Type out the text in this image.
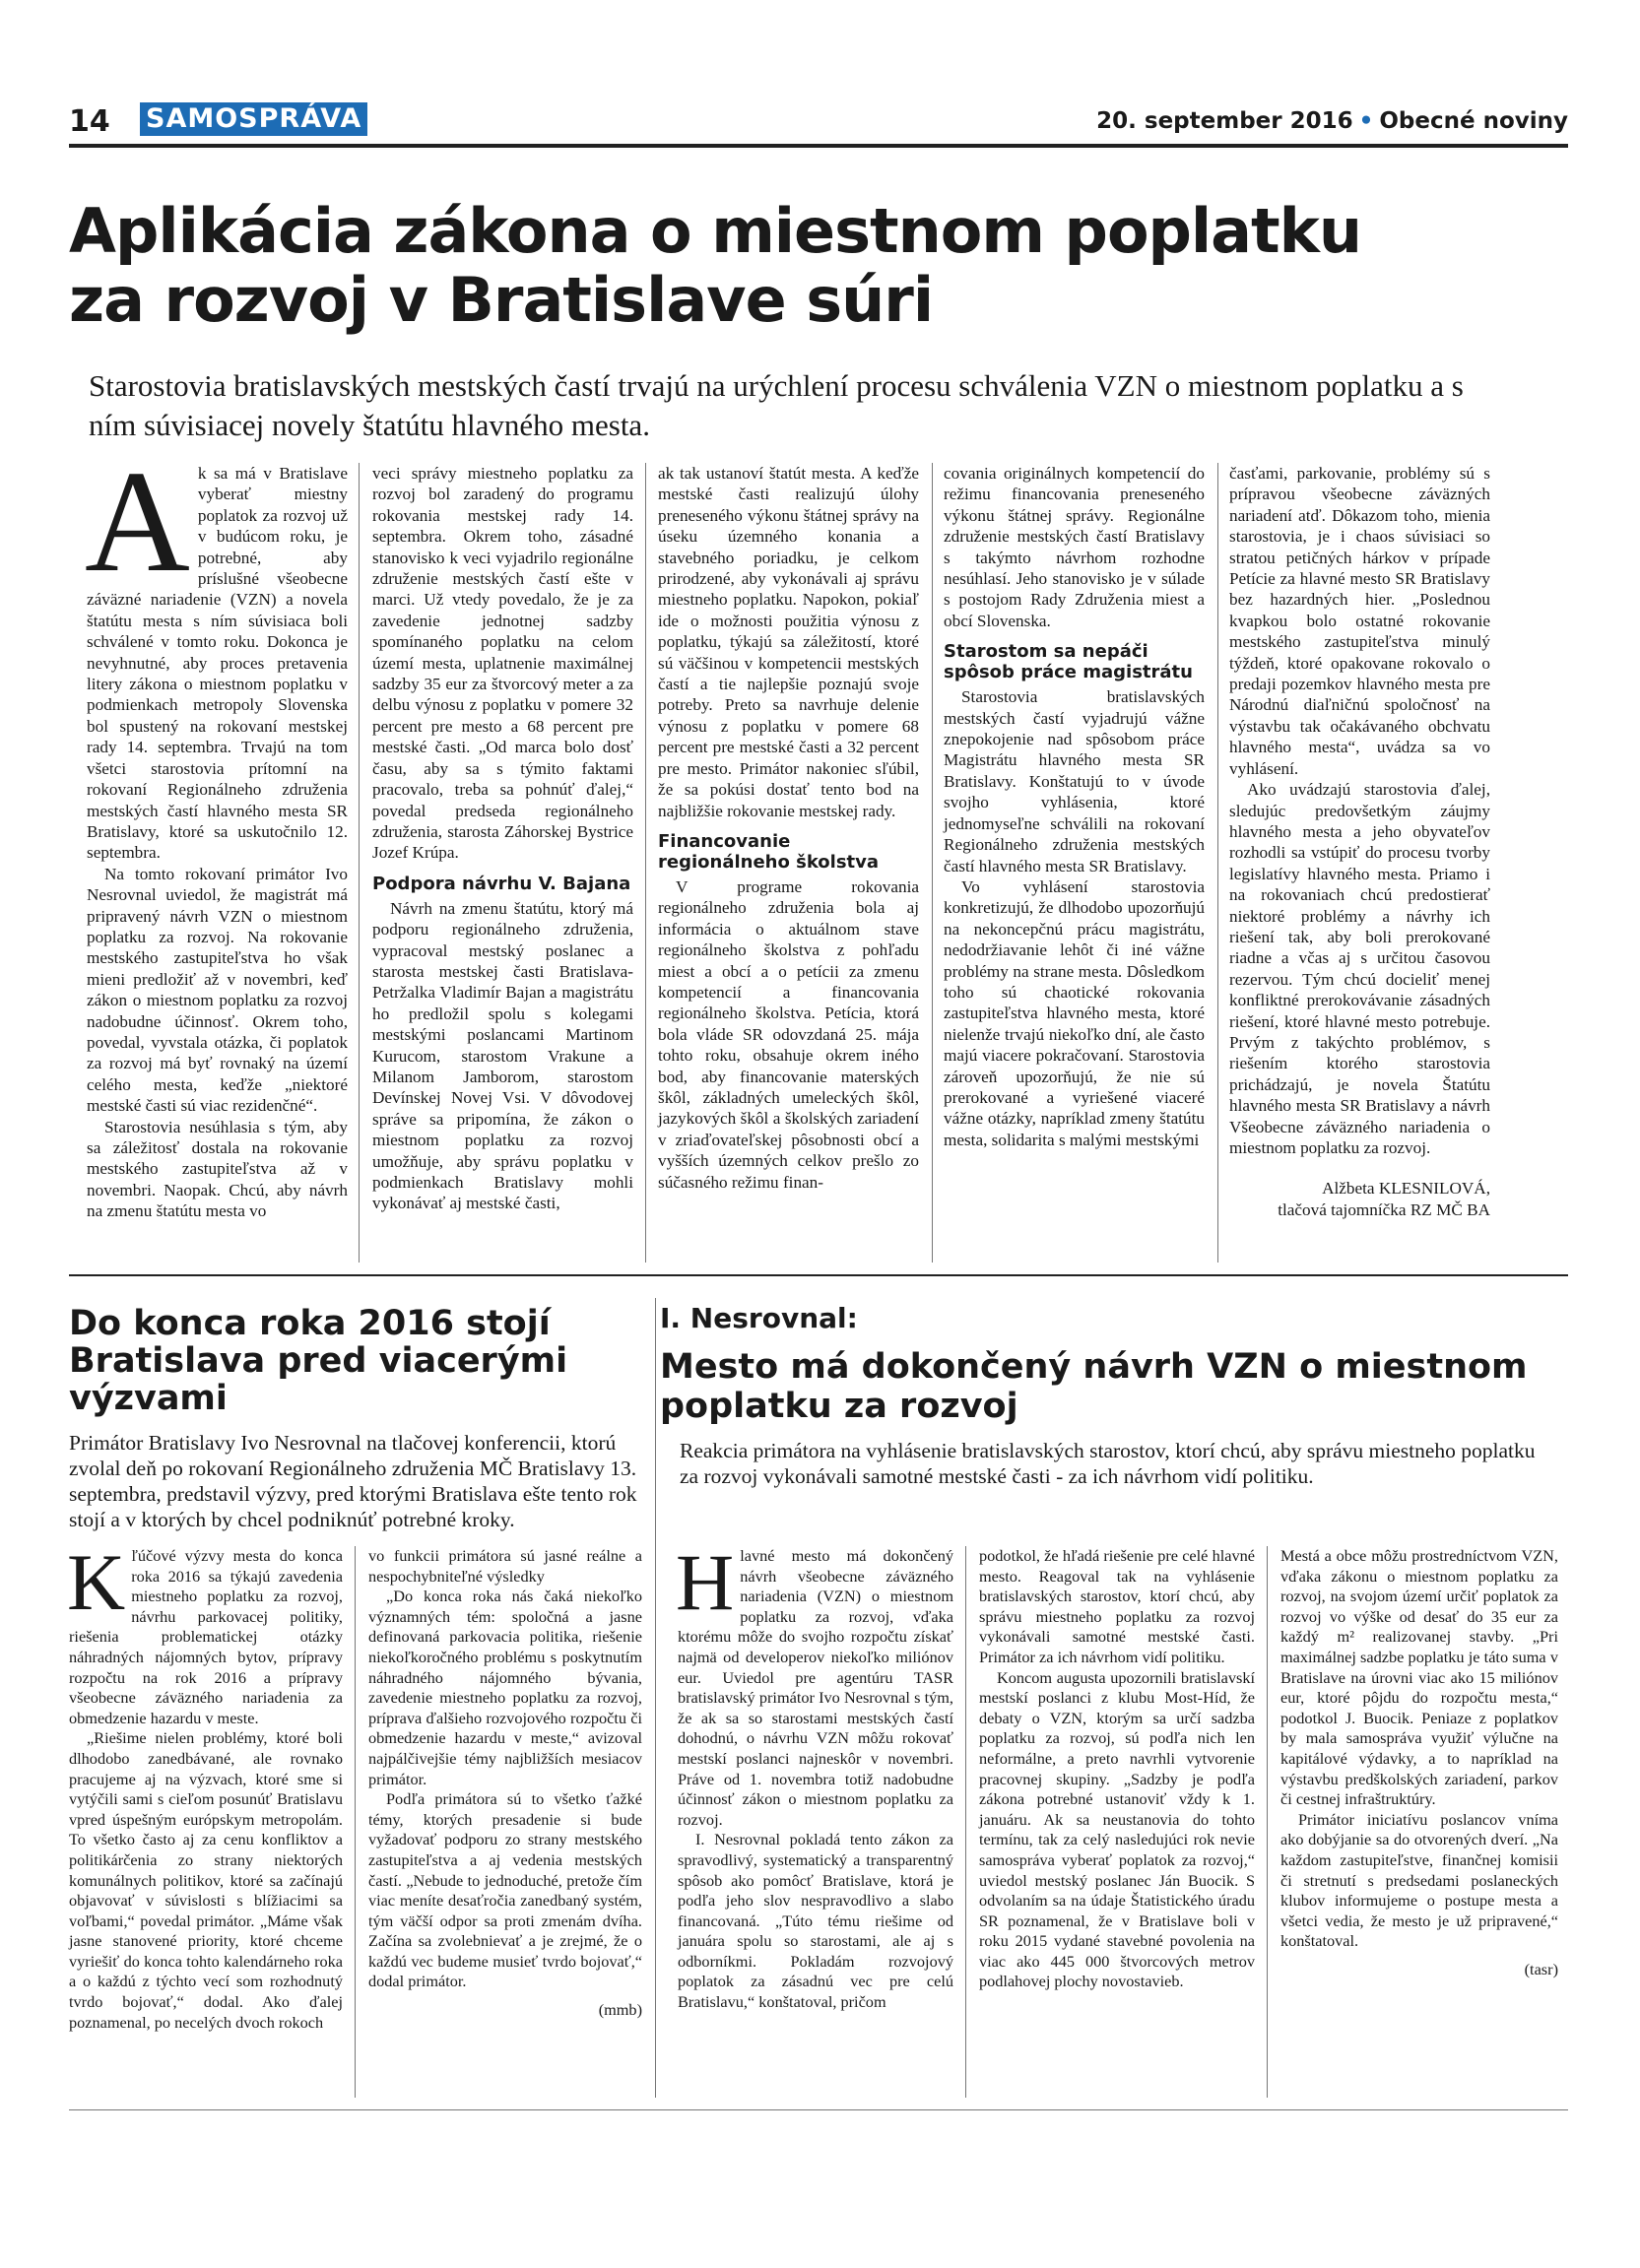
14 SAMOSPRÁVA	20. september 2016 • Obecné noviny
Aplikácia zákona o miestnom poplatku
za rozvoj v Bratislave súri
Starostovia bratislavských mestských častí trvajú na urýchlení procesu schválenia VZN o miestnom poplatku a s ním súvisiacej novely štatútu hlavného mesta.

Ak sa má v Bratislave vyberať miestny poplatok za rozvoj už v budúcom roku, je potrebné, aby príslušné všeobecne záväzné nariadenie (VZN) a novela štatútu mesta s ním súvisiaca boli schválené v tomto roku. Dokonca je nevyhnutné, aby proces pretavenia litery zákona o miestnom poplatku v podmienkach metropoly Slovenska bol spustený na rokovaní mestskej rady 14. septembra. Trvajú na tom všetci starostovia prítomní na rokovaní Regionálneho združenia mestských častí hlavného mesta SR Bratislavy, ktoré sa uskutočnilo 12. septembra.

Na tomto rokovaní primátor Ivo Nesrovnal uviedol, že magistrát má pripravený návrh VZN o miestnom poplatku za rozvoj. Na rokovanie mestského zastupiteľstva ho však mieni predložiť až v novembri, keď zákon o miestnom poplatku za rozvoj nadobudne účinnosť. Okrem toho, povedal, vyvstala otázka, či poplatok za rozvoj má byť rovnaký na území celého mesta, keďže „niektoré mestské časti sú viac rezidenčné“.

Starostovia nesúhlasia s tým, aby sa záležitosť dostala na rokovanie mestského zastupiteľstva až v novembri. Naopak. Chcú, aby návrh na zmenu štatútu mesta vo

veci správy miestneho poplatku za rozvoj bol zaradený do programu rokovania mestskej rady 14. septembra. Okrem toho, zásadné stanovisko k veci vyjadrilo regionálne združenie mestských častí ešte v marci. Už vtedy povedalo, že je za zavedenie jednotnej sadzby spomínaného poplatku na celom území mesta, uplatnenie maximálnej sadzby 35 eur za štvorcový meter a za delbu výnosu z poplatku v pomere 32 percent pre mesto a 68 percent pre mestské časti. „Od marca bolo dosť času, aby sa s týmito faktami pracovalo, treba sa pohnúť ďalej,“ povedal predseda regionálneho združenia, starosta Záhorskej Bystrice Jozef Krúpa.

Podpora návrhu V. Bajana

Návrh na zmenu štatútu, ktorý má podporu regionálneho združenia, vypracoval mestský poslanec a starosta mestskej časti Bratislava-Petržalka Vladimír Bajan a magistrátu ho predložil spolu s kolegami mestskými poslancami Martinom Kurucom, starostom Vrakune a Milanom Jamborom, starostom Devínskej Novej Vsi. V dôvodovej správe sa pripomína, že zákon o miestnom poplatku za rozvoj umožňuje, aby správu poplatku v podmienkach Bratislavy mohli vykonávať aj mestské časti,

ak tak ustanoví štatút mesta. A keďže mestské časti realizujú úlohy preneseného výkonu štátnej správy na úseku územného konania a stavebného poriadku, je celkom prirodzené, aby vykonávali aj správu miestneho poplatku. Napokon, pokiaľ ide o možnosti použitia výnosu z poplatku, týkajú sa záležitostí, ktoré sú väčšinou v kompetencii mestských častí a tie najlepšie poznajú svoje potreby. Preto sa navrhuje delenie výnosu z poplatku v pomere 68 percent pre mestské časti a 32 percent pre mesto. Primátor nakoniec sľúbil, že sa pokúsi dostať tento bod na najbližšie rokovanie mestskej rady.

Financovanie regionálneho školstva

V programe rokovania regionálneho združenia bola aj informácia o aktuálnom stave regionálneho školstva z pohľadu miest a obcí a o petícii za zmenu kompetencií a financovania regionálneho školstva. Petícia, ktorá bola vláde SR odovzdaná 25. mája tohto roku, obsahuje okrem iného bod, aby financovanie materských škôl, základných umeleckých škôl, jazykových škôl a školských zariadení v zriaďovateľskej pôsobnosti obcí a vyšších územných celkov prešlo zo súčasného režimu finan-

covania originálnych kompetencií do režimu financovania preneseného výkonu štátnej správy. Regionálne združenie mestských častí Bratislavy s takýmto návrhom rozhodne nesúhlasí. Jeho stanovisko je v súlade s postojom Rady Združenia miest a obcí Slovenska.

Starostom sa nepáči spôsob práce magistrátu

Starostovia bratislavských mestských častí vyjadrujú vážne znepokojenie nad spôsobom práce Magistrátu hlavného mesta SR Bratislavy. Konštatujú to v úvode svojho vyhlásenia, ktoré jednomyseľne schválili na rokovaní Regionálneho združenia mestských častí hlavného mesta SR Bratislavy.

Vo vyhlásení starostovia konkretizujú, že dlhodobo upozorňujú na nekoncepčnú prácu magistrátu, nedodržiavanie lehôt či iné vážne problémy na strane mesta. Dôsledkom toho sú chaotické rokovania zastupiteľstva hlavného mesta, ktoré nielenže trvajú niekoľko dní, ale často majú viacere pokračovaní. Starostovia zároveň upozorňujú, že nie sú prerokované a vyriešené viaceré vážne otázky, napríklad zmeny štatútu mesta, solidarita s malými mestskými

časťami, parkovanie, problémy sú s prípravou všeobecne záväzných nariadení atď. Dôkazom toho, mienia starostovia, je i chaos súvisiaci so stratou petičných hárkov v prípade Petície za hlavné mesto SR Bratislavy bez hazardných hier. „Poslednou kvapkou bolo ostatné rokovanie mestského zastupiteľstva minulý týždeň, ktoré opakovane rokovalo o predaji pozemkov hlavného mesta pre Národnú diaľničnú spoločnosť na výstavbu tak očakávaného obchvatu hlavného mesta“, uvádza sa vo vyhlásení.

Ako uvádzajú starostovia ďalej, sledujúc predovšetkým záujmy hlavného mesta a jeho obyvateľov rozhodli sa vstúpiť do procesu tvorby legislatívy hlavného mesta. Priamo i na rokovaniach chcú predostierať niektoré problémy a návrhy ich riešení tak, aby boli prerokované riadne a včas aj s určitou časovou rezervou. Tým chcú docieliť menej konfliktné prerokovávanie zásadných riešení, ktoré hlavné mesto potrebuje. Prvým z takýchto problémov, s riešením ktorého starostovia prichádzajú, je novela Štatútu hlavného mesta SR Bratislavy a návrh Všeobecne záväzného nariadenia o miestnom poplatku za rozvoj.

Alžbeta KLESNILOVÁ,

tlačová tajomníčka RZ MČ BA

Do konca roka 2016 stojí Bratislava pred viacerými výzvami
Primátor Bratislavy Ivo Nesrovnal na tlačovej konferencii, ktorú zvolal deň po rokovaní Regionálneho združenia MČ Bratislavy 13. septembra, predstavil výzvy, pred ktorými Bratislava ešte tento rok stojí a v ktorých by chcel podniknúť potrebné kroky.

Kľúčové výzvy mesta do konca roka 2016 sa týkajú zavedenia miestneho poplatku za rozvoj, návrhu parkovacej politiky, riešenia problematickej otázky náhradných nájomných bytov, prípravy rozpočtu na rok 2016 a prípravy všeobecne záväzného nariadenia za obmedzenie hazardu v meste.

„Riešime nielen problémy, ktoré boli dlhodobo zanedbávané, ale rovnako pracujeme aj na výzvach, ktoré sme si vytýčili sami s cieľom posunúť Bratislavu vpred úspešným európskym metropolám. To všetko často aj za cenu konfliktov a politikárčenia zo strany niektorých komunálnych politikov, ktoré sa začínajú objavovať v súvislosti s blížiacimi sa voľbami,“ povedal primátor. „Máme však jasne stanovené priority, ktoré chceme vyriešiť do konca tohto kalendárneho roka a o každú z týchto vecí som rozhodnutý tvrdo bojovať,“ dodal. Ako ďalej poznamenal, po necelých dvoch rokoch

vo funkcii primátora sú jasné reálne a nespochybniteľné výsledky

„Do konca roka nás čaká niekoľko významných tém: spoločná a jasne definovaná parkovacia politika, riešenie niekoľkoročného problému s poskytnutím náhradného nájomného bývania, zavedenie miestneho poplatku za rozvoj, príprava ďalšieho rozvojového rozpočtu či obmedzenie hazardu v meste,“ avizoval najpálčivejšie témy najbližších mesiacov primátor.

Podľa primátora sú to všetko ťažké témy, ktorých presadenie si bude vyžadovať podporu zo strany mestského zastupiteľstva a aj vedenia mestských častí. „Nebude to jednoduché, pretože čím viac meníte desaťročia zanedbaný systém, tým väčší odpor sa proti zmenám dvíha. Začína sa zvolebnievať a je zrejmé, že o každú vec budeme musieť tvrdo bojovať,“ dodal primátor.

(mmb)

I. Nesrovnal:
Mesto má dokončený návrh VZN o miestnom poplatku za rozvoj
Reakcia primátora na vyhlásenie bratislavských starostov, ktorí chcú, aby správu miestneho poplatku za rozvoj vykonávali samotné mestské časti - za ich návrhom vidí politiku.

Hlavné mesto má dokončený návrh všeobecne záväzného nariadenia (VZN) o miestnom poplatku za rozvoj, vďaka ktorému môže do svojho rozpočtu získať najmä od developerov niekoľko miliónov eur. Uviedol pre agentúru TASR bratislavský primátor Ivo Nesrovnal s tým, že ak sa so starostami mestských častí dohodnú, o návrhu VZN môžu rokovať mestskí poslanci najneskôr v novembri. Práve od 1. novembra totiž nadobudne účinnosť zákon o miestnom poplatku za rozvoj.

I. Nesrovnal pokladá tento zákon za spravodlivý, systematický a transparentný spôsob ako pomôcť Bratislave, ktorá je podľa jeho slov nespravodlivo a slabo financovaná. „Túto tému riešime od januára spolu so starostami, ale aj s odborníkmi. Pokladám rozvojový poplatok za zásadnú vec pre celú Bratislavu,“ konštatoval, pričom

podotkol, že hľadá riešenie pre celé hlavné mesto. Reagoval tak na vyhlásenie bratislavských starostov, ktorí chcú, aby správu miestneho poplatku za rozvoj vykonávali samotné mestské časti. Primátor za ich návrhom vidí politiku.

Koncom augusta upozornili bratislavskí mestskí poslanci z klubu Most-Híd, že debaty o VZN, ktorým sa určí sadzba poplatku za rozvoj, sú podľa nich len neformálne, a preto navrhli vytvorenie pracovnej skupiny. „Sadzby je podľa zákona potrebné ustanoviť vždy k 1. januáru. Ak sa neustanovia do tohto termínu, tak za celý nasledujúci rok nevie samospráva vyberať poplatok za rozvoj,“ uviedol mestský poslanec Ján Buocik. S odvolaním sa na údaje Štatistického úradu SR poznamenal, že v Bratislave boli v roku 2015 vydané stavebné povolenia na viac ako 445 000 štvorcových metrov podlahovej plochy novostavieb.

Mestá a obce môžu prostredníctvom VZN, vďaka zákonu o miestnom poplatku za rozvoj, na svojom území určiť poplatok za rozvoj vo výške od desať do 35 eur za každý m² realizovanej stavby. „Pri maximálnej sadzbe poplatku je táto suma v Bratislave na úrovni viac ako 15 miliónov eur, ktoré pôjdu do rozpočtu mesta,“ podotkol J. Buocik. Peniaze z poplatkov by mala samospráva využiť výlučne na kapitálové výdavky, a to napríklad na výstavbu predškolských zariadení, parkov či cestnej infraštruktúry.

Primátor iniciatívu poslancov vníma ako dobýjanie sa do otvorených dverí. „Na každom zastupiteľstve, finančnej komisii či stretnutí s predsedami poslaneckých klubov informujeme o postupe mesta a všetci vedia, že mesto je už pripravené,“ konštatoval.

(tasr)
